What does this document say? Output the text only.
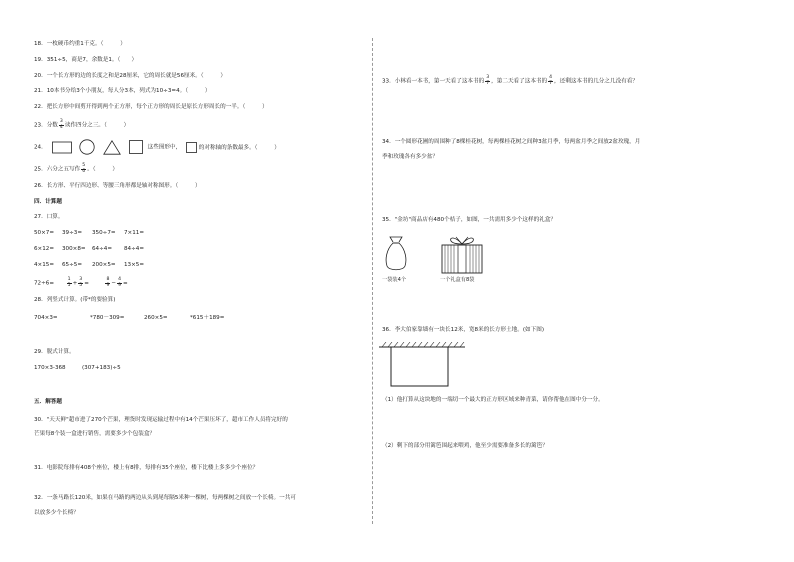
18．一枚硬币约重1千克。（　　　）
19．351÷5，商是7，余数是1。（　　）
20．一个长方形的边的长度之和是28厘米，它的周长就是56厘米。（　　　）
21．10本书分给3个小朋友，每人分3本，列式为10÷3=4。（　　　）
22．把长方形中间剪开得到两个正方形，每个正方形的周长是原长方形周长的一半。（　　　）
23．分数 $\frac{3}{4}$ 读作四分之三。（　　　）
24．	这些图形中，	的对称轴的条数最多。（　　　）
25．六分之五写作 $\frac{5}{6}$ 。（　　　）
26．长方形、平行四边形、等腰三角形都是轴对称图形。（　　　）
四．计算题
27．口算。
50×7= 39÷3= 350÷7= 7×11=
6×12= 300×8= 64÷4= 84÷4=
4×15= 65÷5= 200×5= 13×5=
72÷6=	$\frac{1}{5} + \frac{3}{5}$ =	$\frac{8}{9} - \frac{4}{9}$ =
28．列竖式计算。(带*的要验算)
704×3=	*780－309=	260×5=	*615＋189=
29．脱式计算。
170×3-368	(307+183)÷5
五．解答题
30．"天天鲜"超市进了270个芒果，理货时发现运输过程中有14个芒果压坏了，超市工作人员将完好的
芒果每8个装一盒进行销售，需要多少个包装盒？
31．电影院每排有408个座位，楼上有8排，每排有35个座位，楼下比楼上多多少个座位？
32．一条马路长120米，如果在马路的两边从头到尾每隔5米种一棵树，每两棵树之间放一个长椅。一共可
以放多少个长椅？
33．小林看一本书，第一天看了这本书的 $\frac{3}{7}$ ，第二天看了这本书的 $\frac{4}{7}$ ，还剩这本书的几分之几没有看？
34．一个圆形花圃的周围种了8棵桂花树，每两棵桂花树之间种3盆月季，每两盆月季之间放2盆玫瑰，月
季和玫瑰各有多少盆？
35．"金坊"商品店有480个桔子，如图，一共需用多少个这样的礼盒？
一袋装4个	一个礼盒有8袋
36．李大伯家靠墙有一块长12米，宽8米的长方形土地。(如下图)
（1）他打算从这块地的一端切一个最大的正方形区域来种青菜，请你帮他在图中分一分。
（2）剩下的部分用篱笆围起来喂鸡，他至少需要准备多长的篱笆？
